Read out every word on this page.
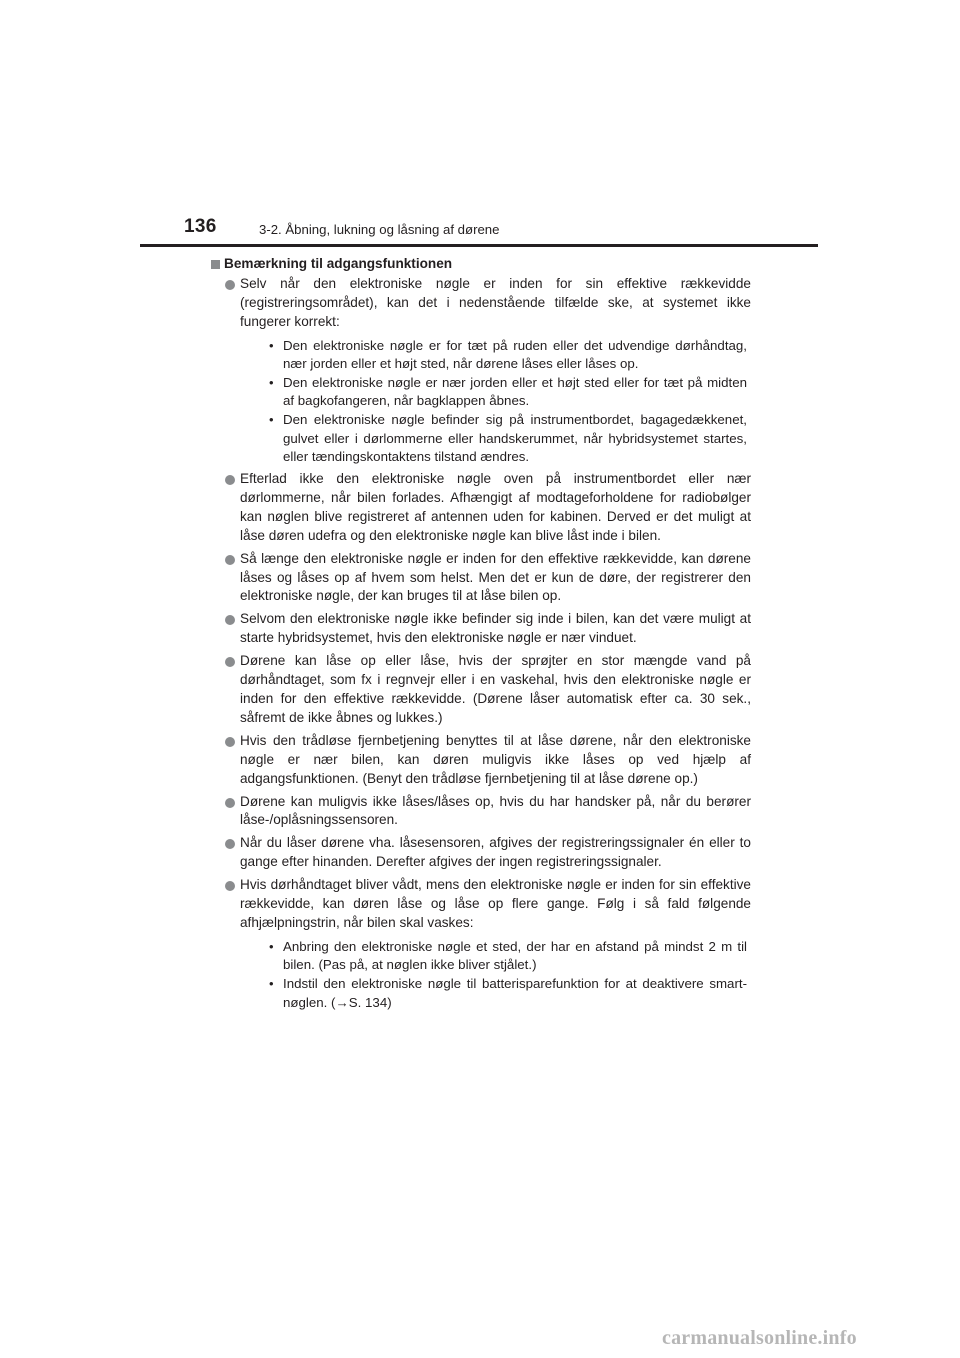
136	3-2. Åbning, lukning og låsning af dørene
Bemærkning til adgangsfunktionen
Selv når den elektroniske nøgle er inden for sin effektive rækkevidde (registreringsområdet), kan det i nedenstående tilfælde ske, at systemet ikke fungerer korrekt:
• Den elektroniske nøgle er for tæt på ruden eller det udvendige dørhåndtag, nær jorden eller et højt sted, når dørene låses eller låses op.
• Den elektroniske nøgle er nær jorden eller et højt sted eller for tæt på midten af bagkofangeren, når bagklappen åbnes.
• Den elektroniske nøgle befinder sig på instrumentbordet, bagagedækkenet, gulvet eller i dørlommerne eller handskerummet, når hybridsystemet startes, eller tændingskontaktens tilstand ændres.
Efterlad ikke den elektroniske nøgle oven på instrumentbordet eller nær dørlommerne, når bilen forlades. Afhængigt af modtageforholdene for radiobølger kan nøglen blive registreret af antennen uden for kabinen. Derved er det muligt at låse døren udefra og den elektroniske nøgle kan blive låst inde i bilen.
Så længe den elektroniske nøgle er inden for den effektive rækkevidde, kan dørene låses og låses op af hvem som helst. Men det er kun de døre, der registrerer den elektroniske nøgle, der kan bruges til at låse bilen op.
Selvom den elektroniske nøgle ikke befinder sig inde i bilen, kan det være muligt at starte hybridsystemet, hvis den elektroniske nøgle er nær vinduet.
Dørene kan låse op eller låse, hvis der sprøjter en stor mængde vand på dørhåndtaget, som fx i regnvejr eller i en vaskehal, hvis den elektroniske nøgle er inden for den effektive rækkevidde. (Dørene låser automatisk efter ca. 30 sek., såfremt de ikke åbnes og lukkes.)
Hvis den trådløse fjernbetjening benyttes til at låse dørene, når den elektroniske nøgle er nær bilen, kan døren muligvis ikke låses op ved hjælp af adgangsfunktionen. (Benyt den trådløse fjernbetjening til at låse dørene op.)
Dørene kan muligvis ikke låses/låses op, hvis du har handsker på, når du berører låse-/oplåsningssensoren.
Når du låser dørene vha. låsesensoren, afgives der registreringssignaler én eller to gange efter hinanden. Derefter afgives der ingen registreringssignaler.
Hvis dørhåndtaget bliver vådt, mens den elektroniske nøgle er inden for sin effektive rækkevidde, kan døren låse og låse op flere gange. Følg i så fald følgende afhjælpningstrin, når bilen skal vaskes:
• Anbring den elektroniske nøgle et sted, der har en afstand på mindst 2 m til bilen. (Pas på, at nøglen ikke bliver stjålet.)
• Indstil den elektroniske nøgle til batterisparefunktion for at deaktivere smart-nøglen. (→S. 134)
carmanualsonline.info
